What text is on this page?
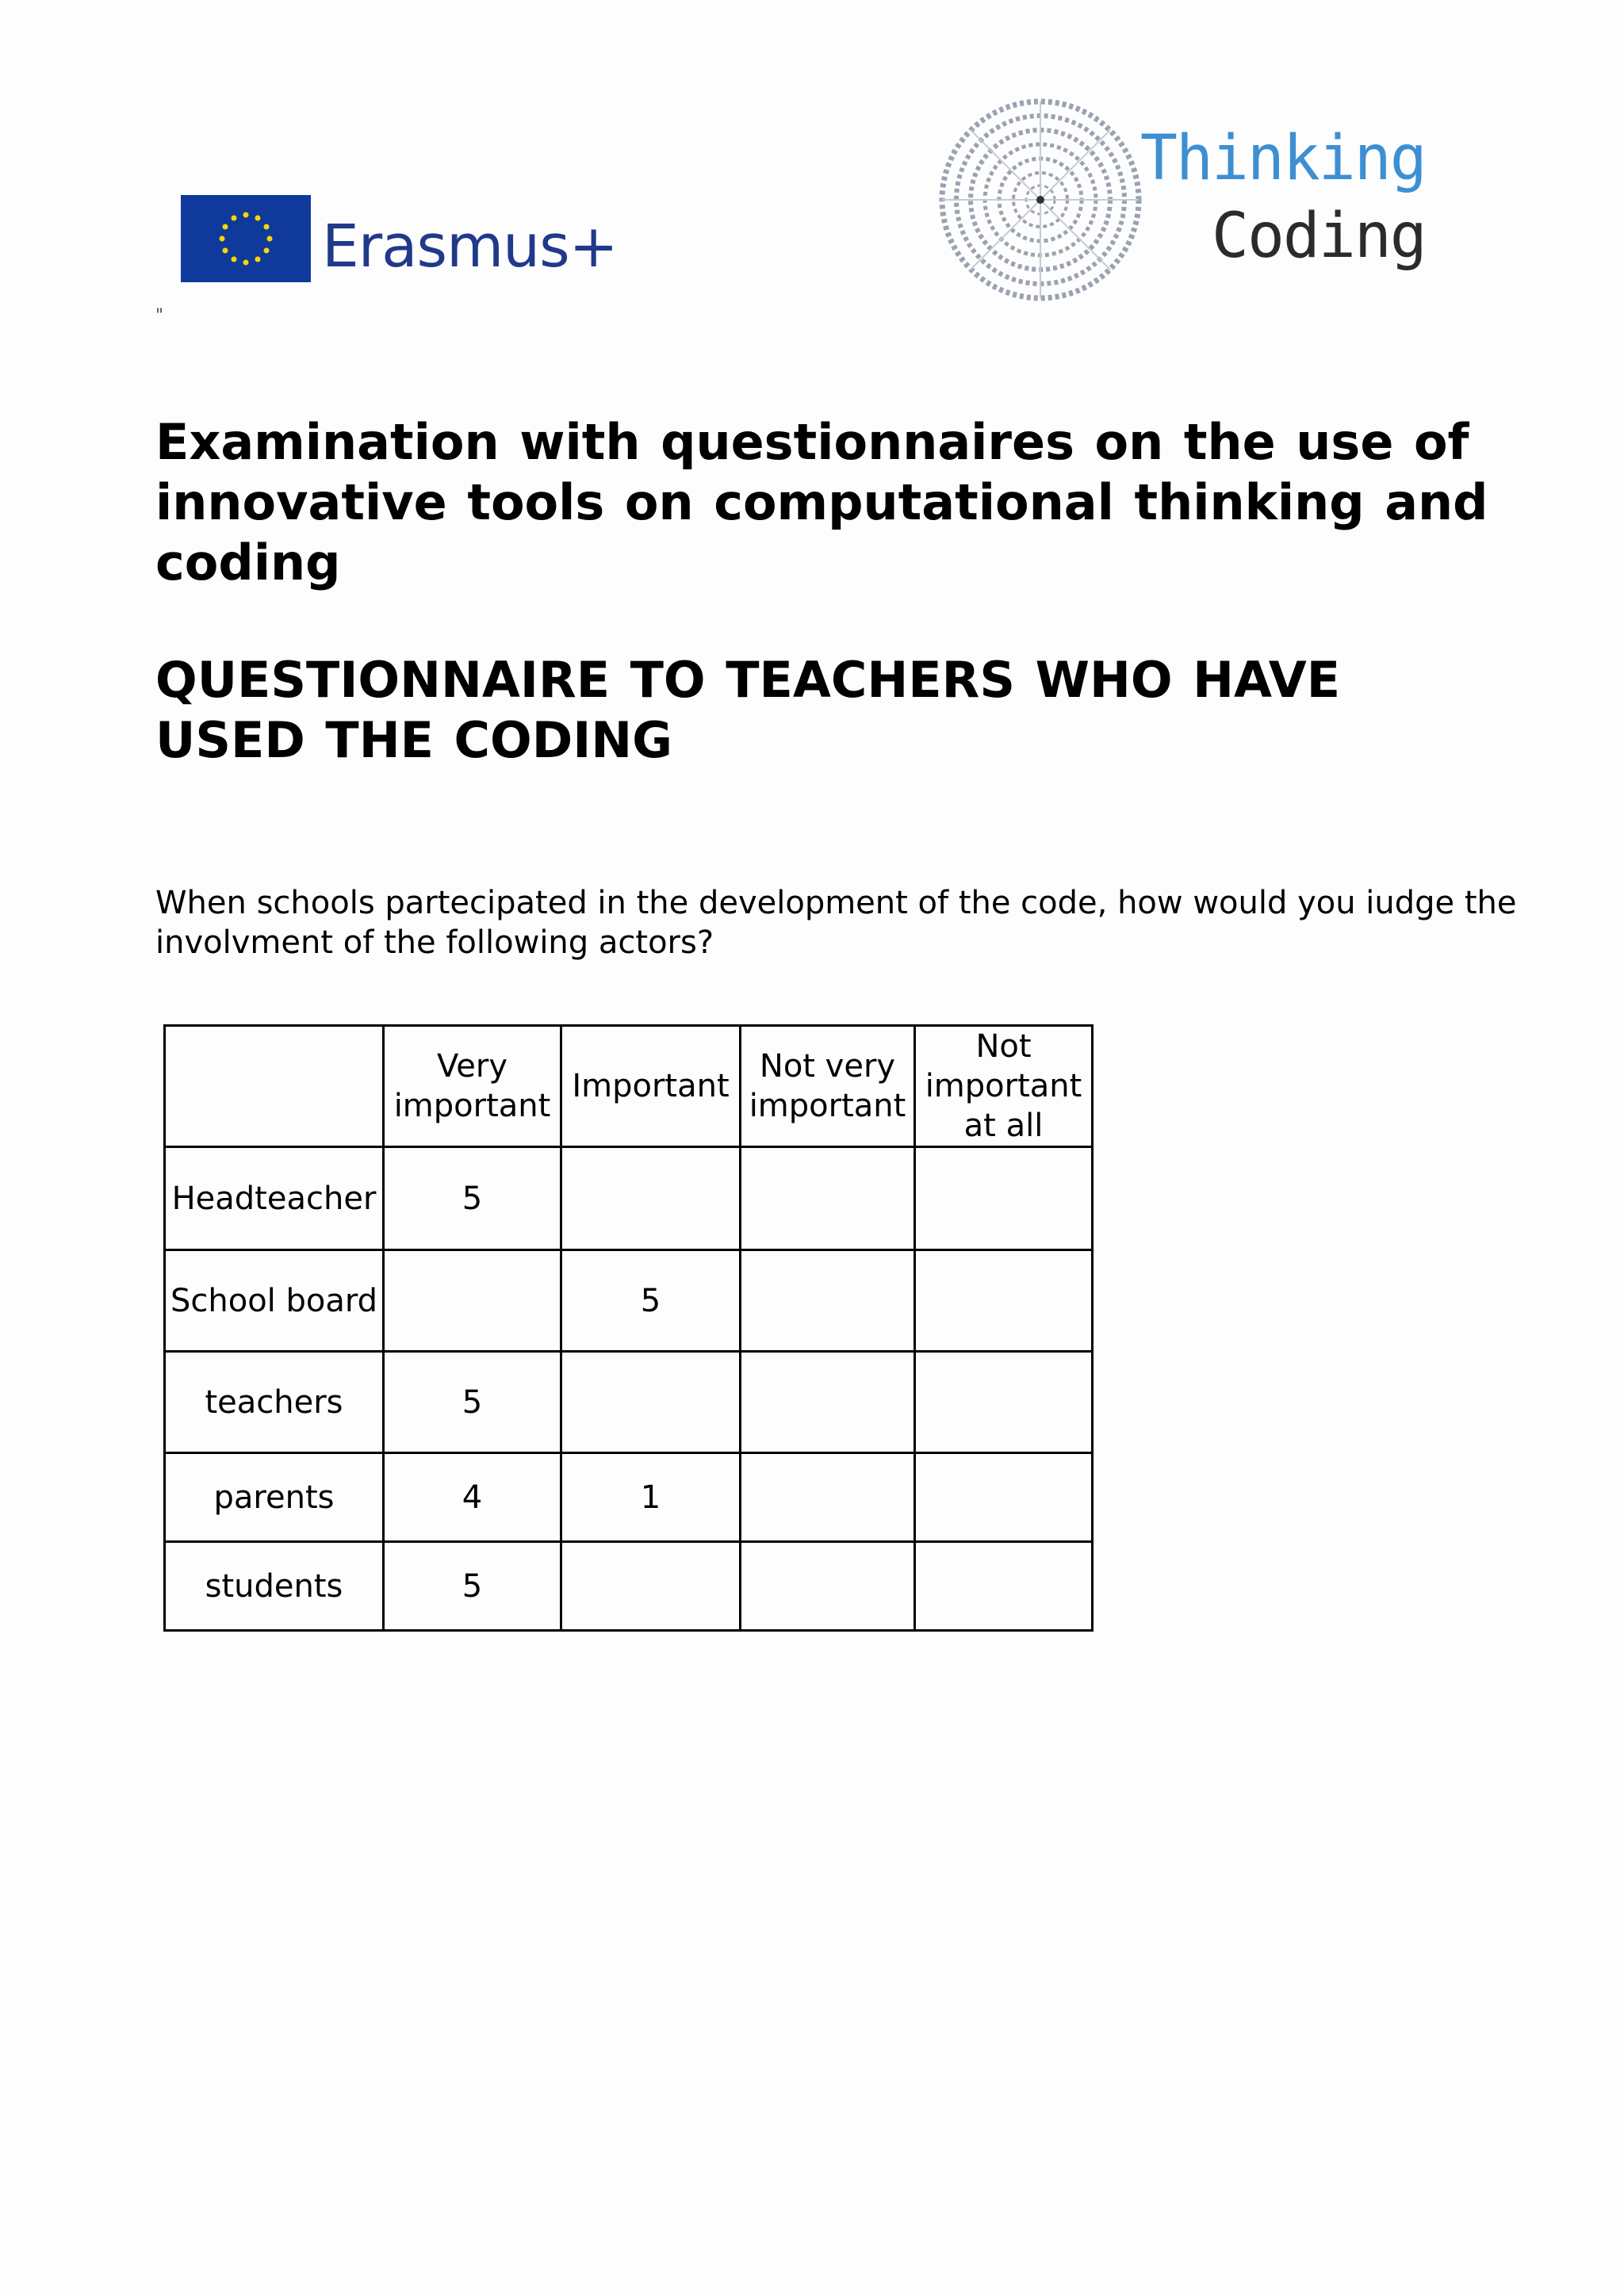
Erasmus+
"
Thinking
Coding
Examination with questionnaires on the use of innovative tools on computational thinking and coding
QUESTIONNAIRE TO TEACHERS WHO HAVE USED THE CODING

When schools partecipated in the development of the code, how would you iudge the involvment of the following actors?

	Very important	Important	Not very important	Not important at all
Headteacher	5			
School board		5		
teachers	5			
parents	4	1		
students	5			
